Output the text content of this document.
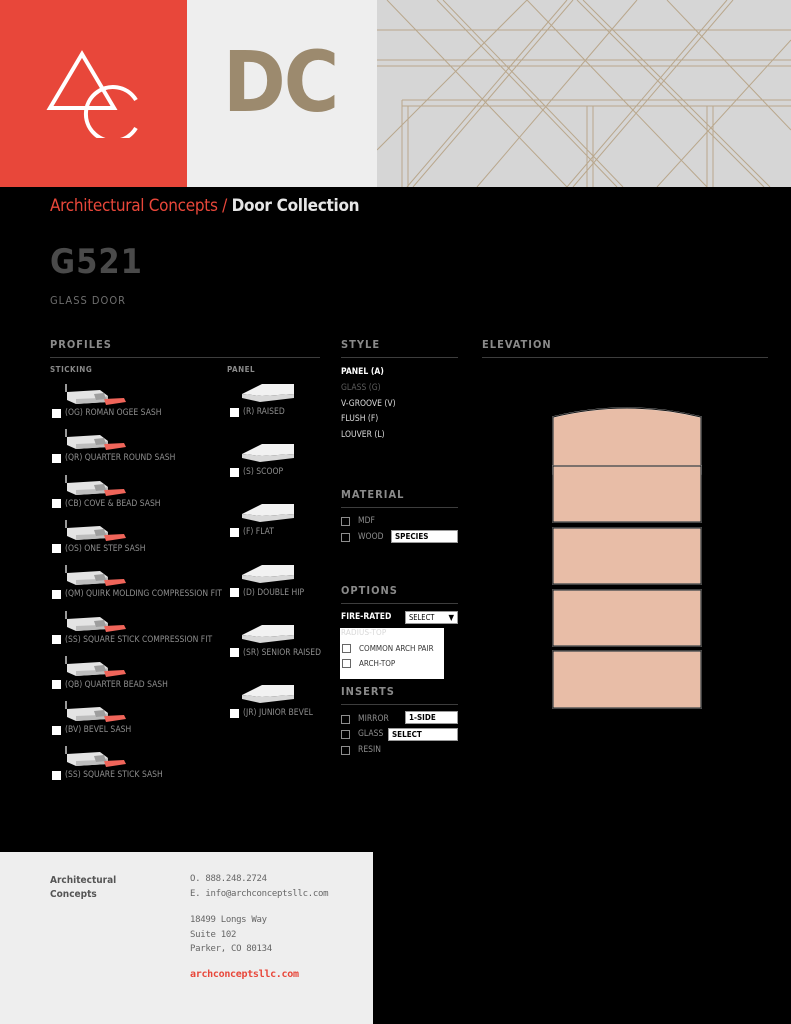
DC
Architectural Concepts / Door Collection
G521
GLASS DOOR
PROFILES	STYLE	ELEVATION
STICKING	PANEL
(OG) ROMAN OGEE SASH
(QR) QUARTER ROUND SASH
(CB) COVE & BEAD SASH
(OS) ONE STEP SASH
(QM) QUIRK MOLDING COMPRESSION FIT
(SS) SQUARE STICK COMPRESSION FIT
(QB) QUARTER BEAD SASH
(BV) BEVEL SASH
(SS) SQUARE STICK SASH
(R) RAISED
(S) SCOOP
(F) FLAT
(D) DOUBLE HIP
(SR) SENIOR RAISED
(JR) JUNIOR BEVEL
PANEL (A)
GLASS (G)
V-GROOVE (V)
FLUSH (F)
LOUVER (L)
MATERIAL
MDF
WOOD	SPECIES
OPTIONS
FIRE-RATED	SELECT ▼
COMMON ARCH PAIR
ARCH-TOP
RADIUS-TOP
INSERTS
MIRROR	1-SIDE
GLASS	SELECT
RESIN
Architectural
Concepts
O. 888.248.2724
E. info@archconceptsllc.com
18499 Longs Way
Suite 102
Parker, CO 80134
archconceptsllc.com
